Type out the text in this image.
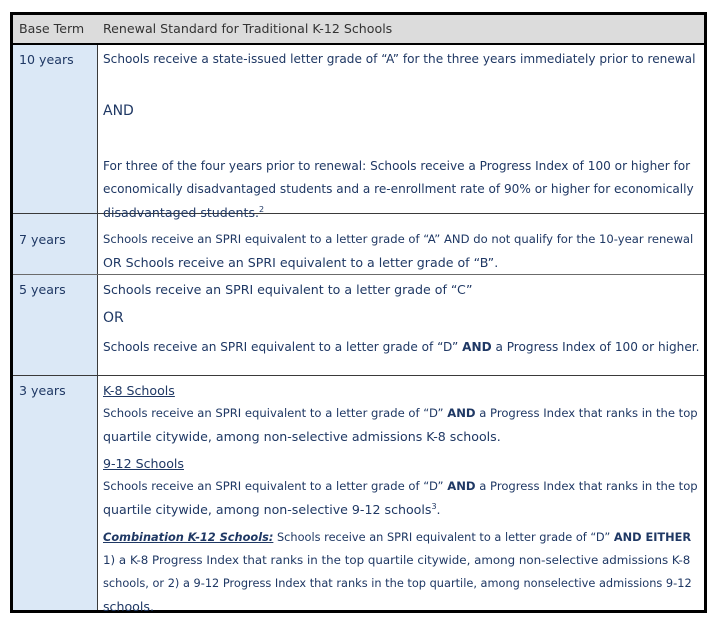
Base Term Renewal Standard for Traditional K-12 Schools
10 years Schools receive a state-issued letter grade of “A” for the three years immediately prior to renewal
AND
For three of the four years prior to renewal: Schools receive a Progress Index of 100 or higher for
economically disadvantaged students and a re-enrollment rate of 90% or higher for economically
disadvantaged students.$^2$
7 years	Schools receive an SPRI equivalent to a letter grade of “A” AND do not qualify for the 10-year renewal
OR Schools receive an SPRI equivalent to a letter grade of “B”.
5 years	Schools receive an SPRI equivalent to a letter grade of “C”
OR
Schools receive an SPRI equivalent to a letter grade of “D” AND a Progress Index of 100 or higher.
3 years	K-8 Schools
Schools receive an SPRI equivalent to a letter grade of “D” AND a Progress Index that ranks in the top
quartile citywide, among non-selective admissions K-8 schools.
9-12 Schools
Schools receive an SPRI equivalent to a letter grade of “D” AND a Progress Index that ranks in the top
quartile citywide, among non-selective 9-12 schools$^3$.
Combination K-12 Schools: Schools receive an SPRI equivalent to a letter grade of “D” AND EITHER
1) a K-8 Progress Index that ranks in the top quartile citywide, among non-selective admissions K-8
schools, or 2) a 9-12 Progress Index that ranks in the top quartile, among nonselective admissions 9-12
schools.
